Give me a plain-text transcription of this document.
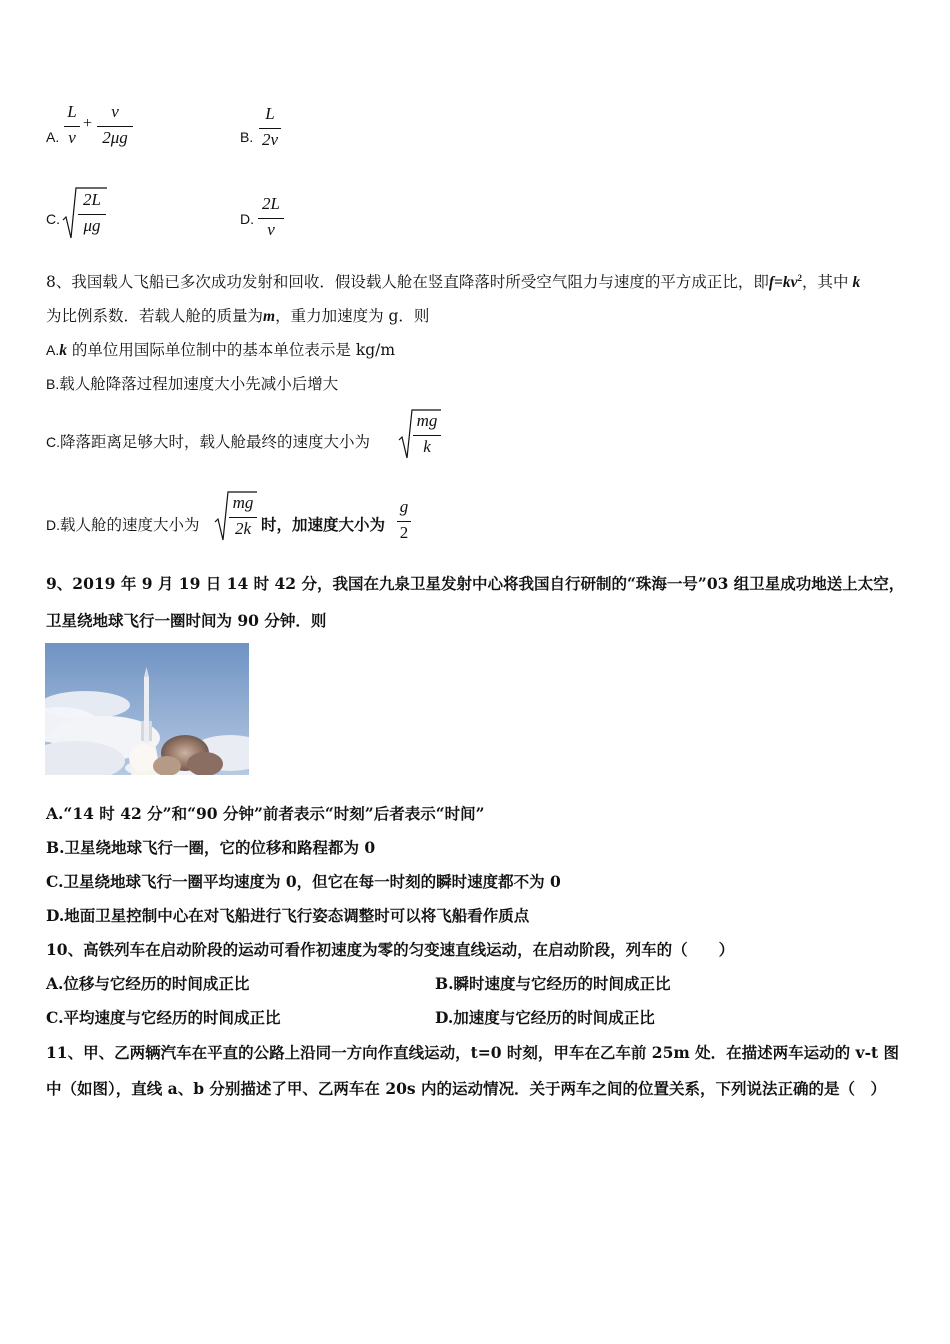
A.
L
v
+
v
2μg	B.
L
2v
C.
2L
μg	D.
2L
v
8、我国载人飞船已多次成功发射和回收．假设载人舱在竖直降落时所受空气阻力与速度的平方成正比，即$f=kv^2$，其中 k
为比例系数．若载人舱的质量为m，重力加速度为 g．则
A.k 的单位用国际单位制中的基本单位表示是 kg/m
B.载人舱降落过程加速度大小先减小后增大
C.降落距离足够大时，载人舱最终的速度大小为
mg
k
D.载人舱的速度大小为
mg
2k 时，加速度大小为
g
2
9、2019 年 9 月 19 日 14 时 42 分，我国在九泉卫星发射中心将我国自行研制的“珠海一号”03 组卫星成功地送上太空，
卫星绕地球飞行一圈时间为 90 分钟．则
A.“14 时 42 分”和“90 分钟”前者表示“时刻”后者表示“时间”
B.卫星绕地球飞行一圈，它的位移和路程都为 0
C.卫星绕地球飞行一圈平均速度为 0，但它在每一时刻的瞬时速度都不为 0
D.地面卫星控制中心在对飞船进行飞行姿态调整时可以将飞船看作质点
10、高铁列车在启动阶段的运动可看作初速度为零的匀变速直线运动，在启动阶段，列车的（　　）
A.位移与它经历的时间成正比	B.瞬时速度与它经历的时间成正比
C.平均速度与它经历的时间成正比	D.加速度与它经历的时间成正比
11、甲、乙两辆汽车在平直的公路上沿同一方向作直线运动，t=0 时刻，甲车在乙车前 25m 处．在描述两车运动的 v-t 图
中（如图），直线 a、b 分别描述了甲、乙两车在 20s 内的运动情况．关于两车之间的位置关系，下列说法正确的是（　）
